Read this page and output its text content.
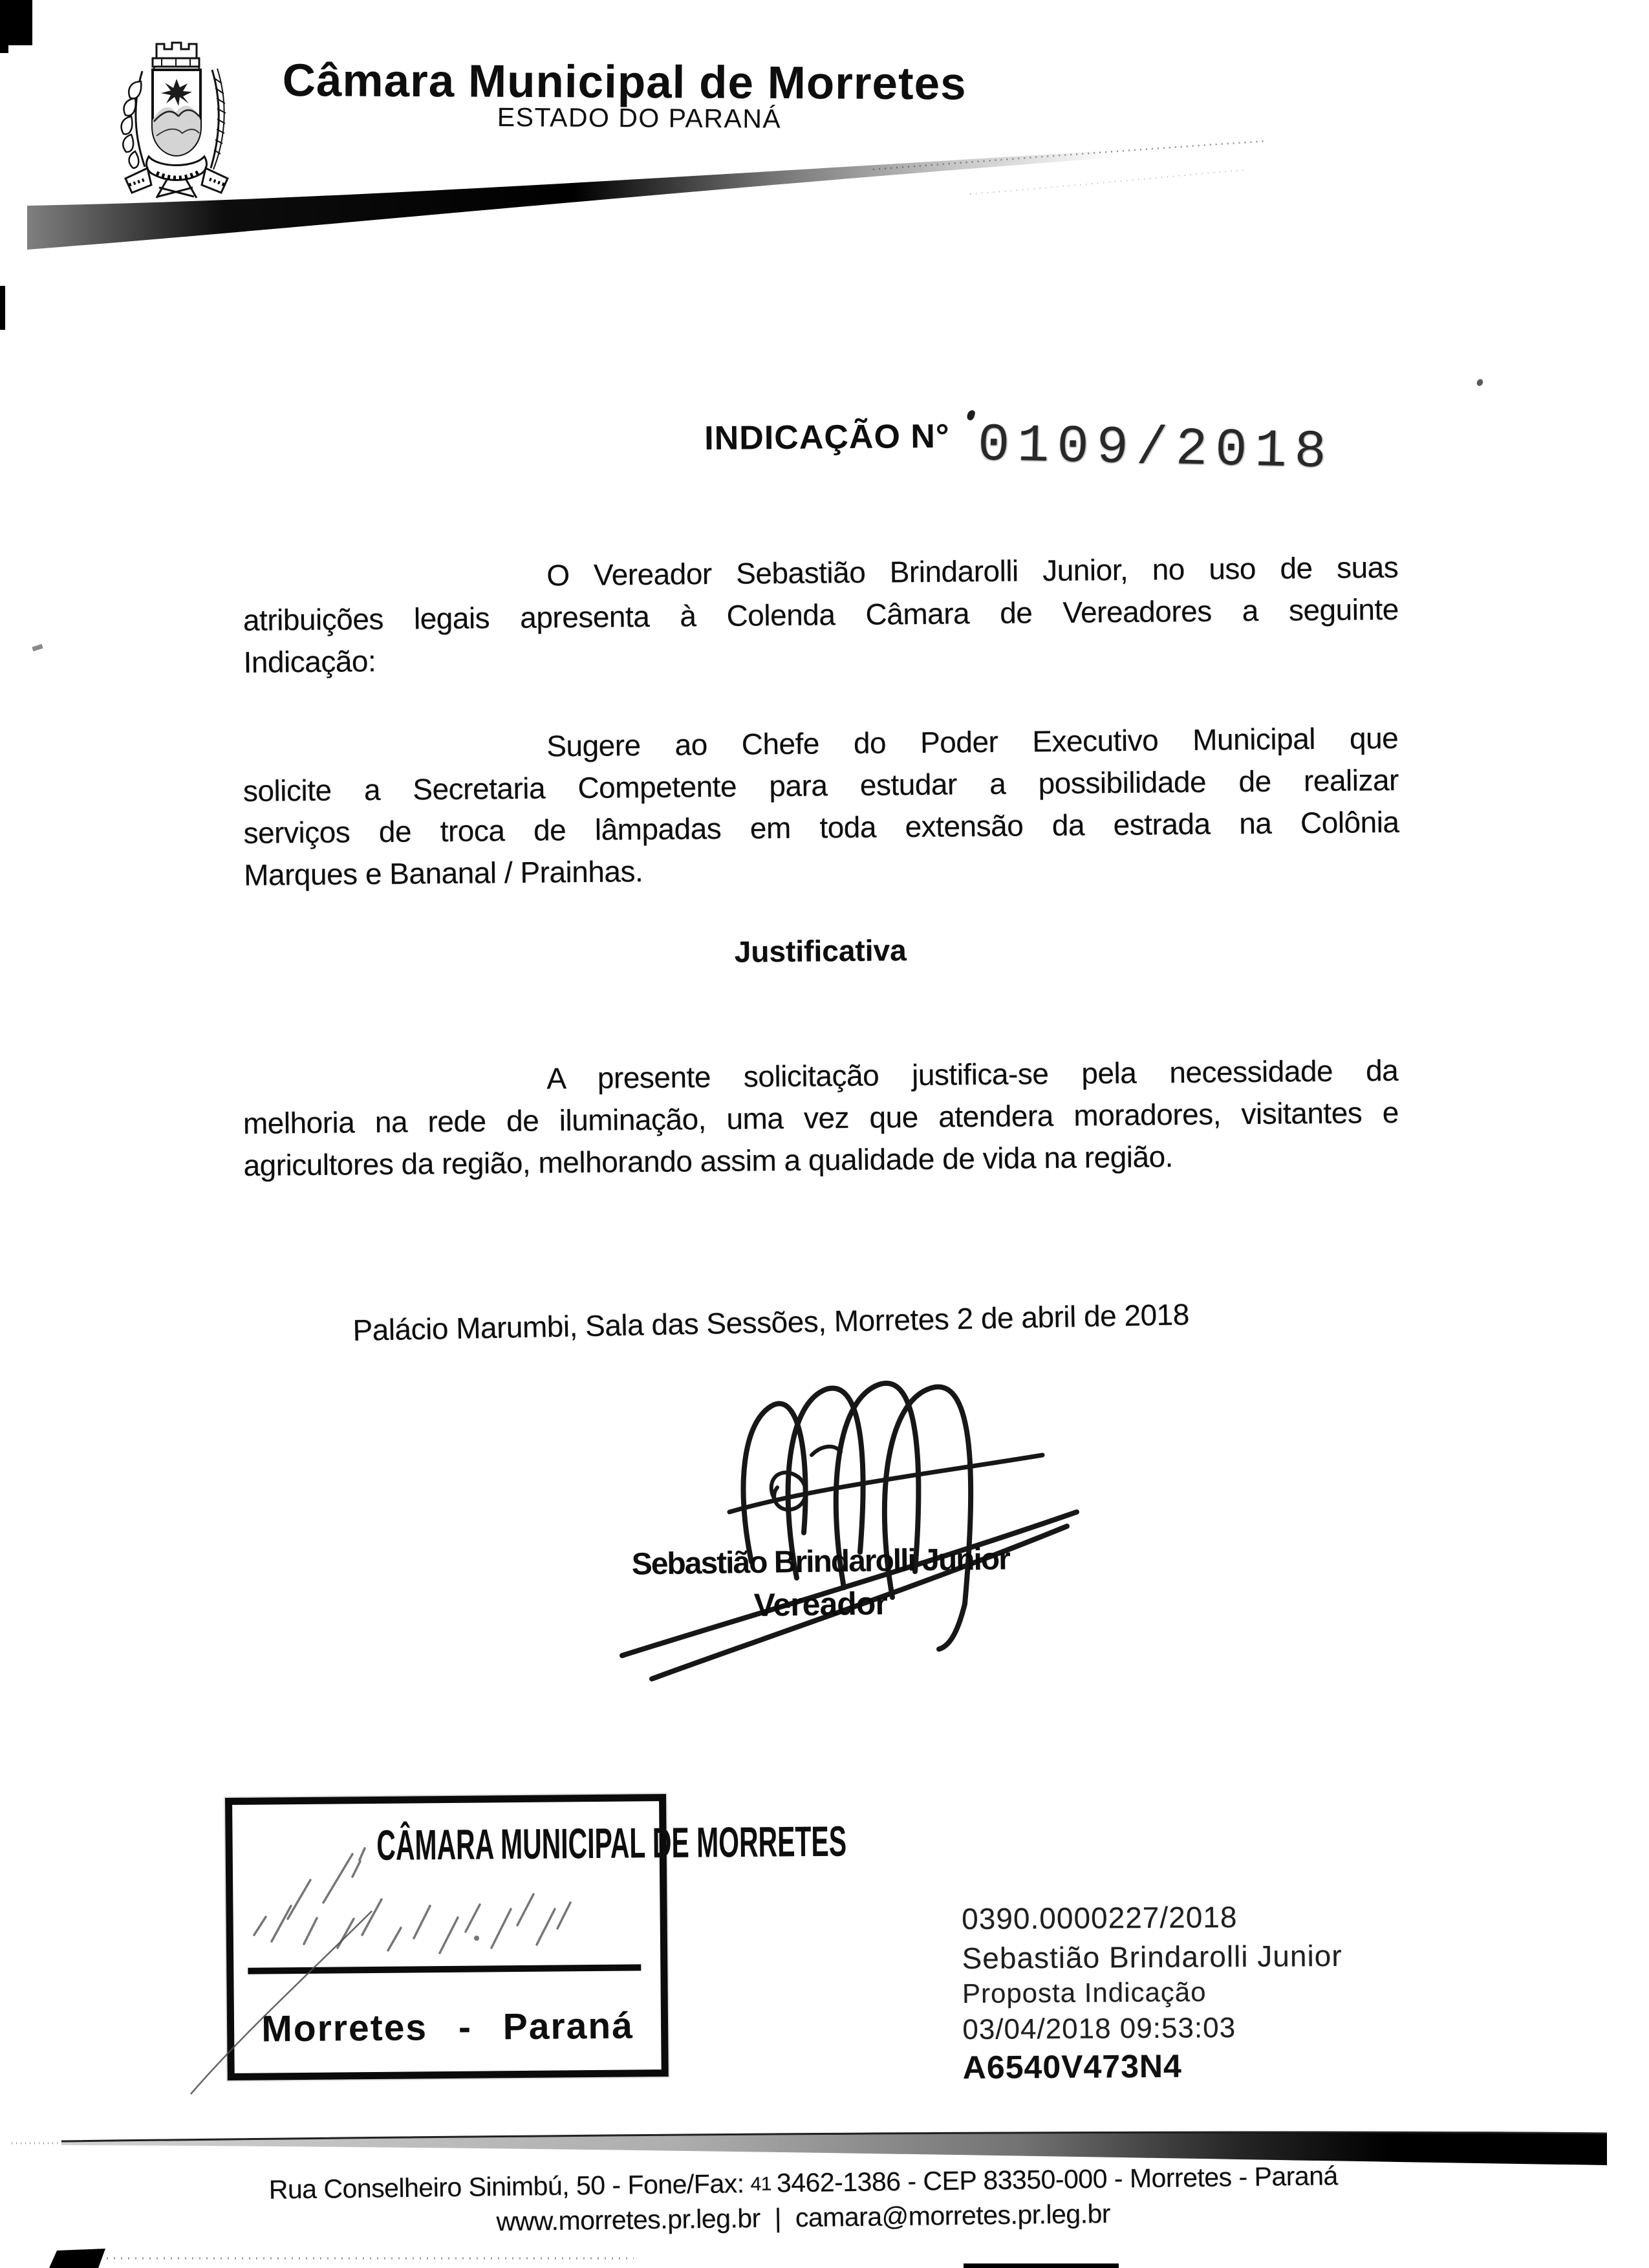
Câmara Municipal de Morretes
ESTADO DO PARANÁ
INDICAÇÃO N° 0109/2018
O Vereador Sebastião Brindarolli Junior, no uso de suas
atribuições legais apresenta à Colenda Câmara de Vereadores a seguinte
Indicação:
Sugere ao Chefe do Poder Executivo Municipal que
solicite a Secretaria Competente para estudar a possibilidade de realizar
serviços de troca de lâmpadas em toda extensão da estrada na Colônia
Marques e Bananal / Prainhas.
Justificativa
A presente solicitação justifica-se pela necessidade da
melhoria na rede de iluminação, uma vez que atendera moradores, visitantes e
agricultores da região, melhorando assim a qualidade de vida na região.
Palácio Marumbi, Sala das Sessões, Morretes 2 de abril de 2018
Sebastião Brindarolli Junior
Vereador
CÂMARA MUNICIPAL DE MORRETES
Morretes - Paraná
0390.0000227/2018
Sebastião Brindarolli Junior
Proposta Indicação
03/04/2018 09:53:03
A6540V473N4
Rua Conselheiro Sinimbú, 50 - Fone/Fax: 41 3462-1386 - CEP 83350-000 - Morretes - Paraná
www.morretes.pr.leg.br | camara@morretes.pr.leg.br
